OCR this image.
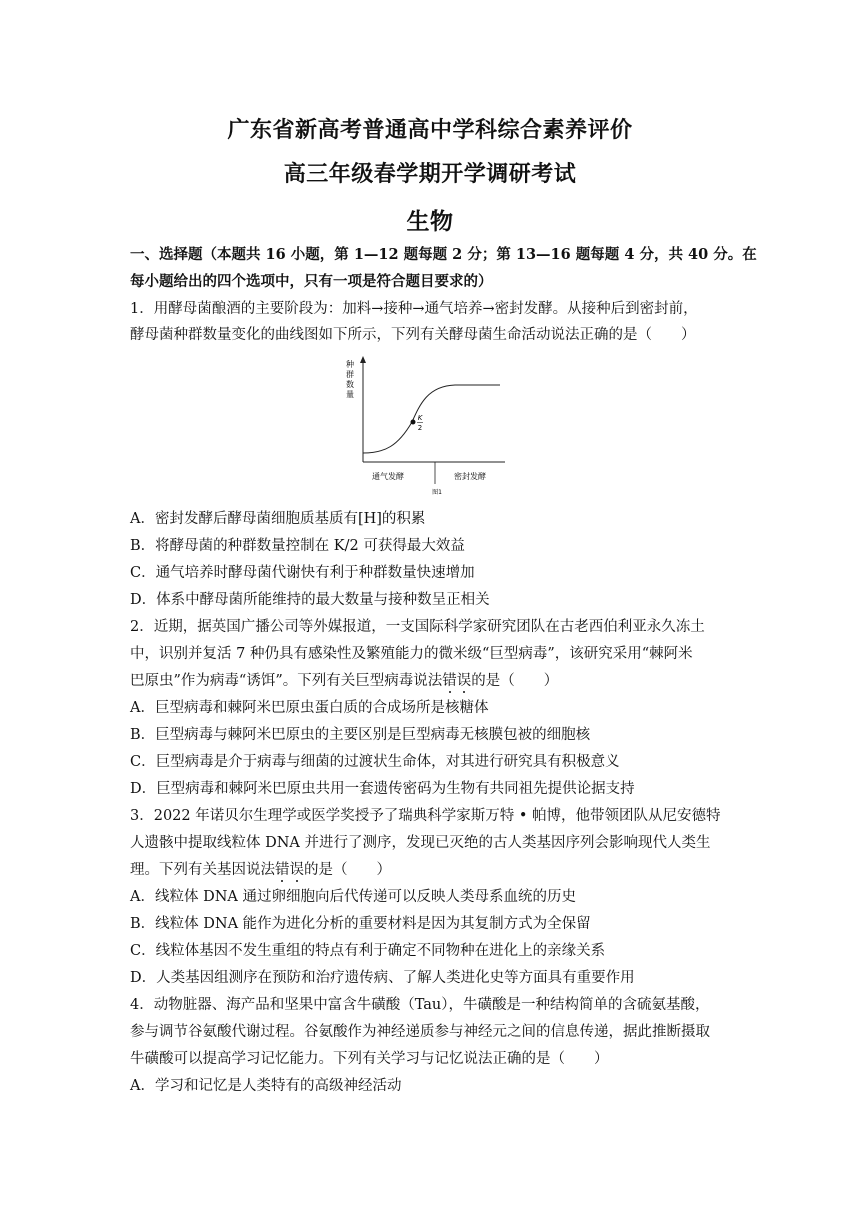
广东省新高考普通高中学科综合素养评价
高三年级春学期开学调研考试
生物
一、选择题（本题共 16 小题，第 1—12 题每题 2 分；第 13—16 题每题 4 分，共 40 分。在
每小题给出的四个选项中，只有一项是符合题目要求的）
1．用酵母菌酿酒的主要阶段为：加料→接种→通气培养→密封发酵。从接种后到密封前，
酵母菌种群数量变化的曲线图如下所示，下列有关酵母菌生命活动说法正确的是（　　）
种
群
数
量
K
2
通气发酵	密封发酵
图1
A．密封发酵后酵母菌细胞质基质有[H]的积累
B．将酵母菌的种群数量控制在 K/2 可获得最大效益
C．通气培养时酵母菌代谢快有利于种群数量快速增加
D．体系中酵母菌所能维持的最大数量与接种数呈正相关
2．近期，据英国广播公司等外媒报道，一支国际科学家研究团队在古老西伯利亚永久冻土
中，识别并复活 7 种仍具有感染性及繁殖能力的微米级“巨型病毒”，该研究采用“棘阿米
巴原虫”作为病毒“诱饵”。下列有关巨型病毒说法错误的是（　　）
A．巨型病毒和棘阿米巴原虫蛋白质的合成场所是核糖体
B．巨型病毒与棘阿米巴原虫的主要区别是巨型病毒无核膜包被的细胞核
C．巨型病毒是介于病毒与细菌的过渡状生命体，对其进行研究具有积极意义
D．巨型病毒和棘阿米巴原虫共用一套遗传密码为生物有共同祖先提供论据支持
3．2022 年诺贝尔生理学或医学奖授予了瑞典科学家斯万特 • 帕博，他带领团队从尼安德特
人遗骸中提取线粒体 DNA 并进行了测序，发现已灭绝的古人类基因序列会影响现代人类生
理。下列有关基因说法错误的是（　　）
A．线粒体 DNA 通过卵细胞向后代传递可以反映人类母系血统的历史
B．线粒体 DNA 能作为进化分析的重要材料是因为其复制方式为全保留
C．线粒体基因不发生重组的特点有利于确定不同物种在进化上的亲缘关系
D．人类基因组测序在预防和治疗遗传病、了解人类进化史等方面具有重要作用
4．动物脏器、海产品和坚果中富含牛磺酸（Tau），牛磺酸是一种结构简单的含硫氨基酸，
参与调节谷氨酸代谢过程。谷氨酸作为神经递质参与神经元之间的信息传递，据此推断摄取
牛磺酸可以提高学习记忆能力。下列有关学习与记忆说法正确的是（　　）
A．学习和记忆是人类特有的高级神经活动
